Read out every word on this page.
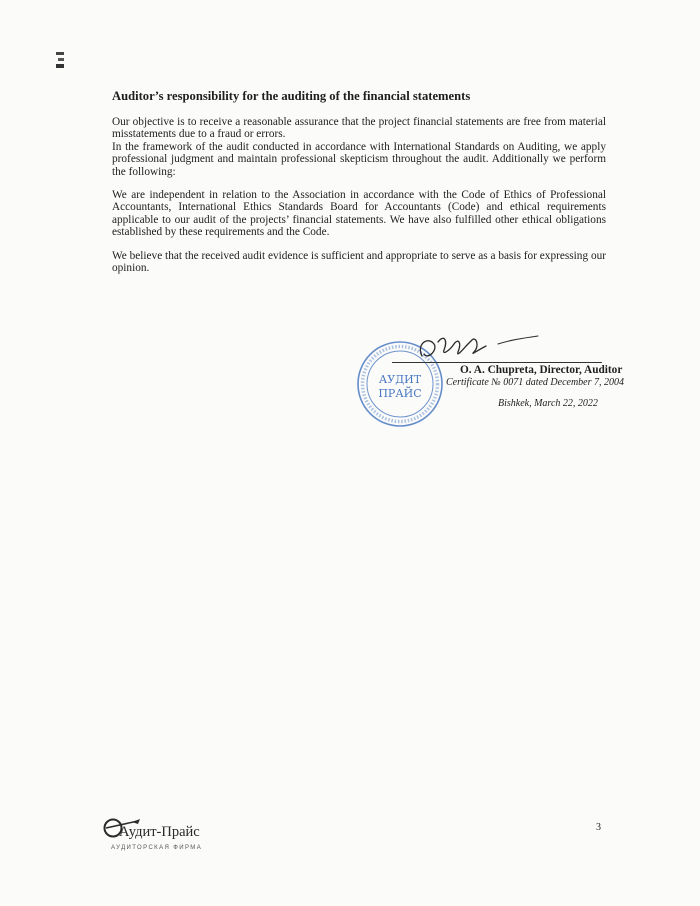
Auditor’s responsibility for the auditing of the financial statements

Our objective is to receive a reasonable assurance that the project financial statements are free from material misstatements due to a fraud or errors.

In the framework of the audit conducted in accordance with International Standards on Auditing, we apply professional judgment and maintain professional skepticism throughout the audit. Additionally we perform the following:

We are independent in relation to the Association in accordance with the Code of Ethics of Professional Accountants, International Ethics Standards Board for Accountants (Code) and ethical requirements applicable to our audit of the projects’ financial statements. We have also fulfilled other ethical obligations established by these requirements and the Code.

We believe that the received audit evidence is sufficient and appropriate to serve as a basis for expressing our opinion.

АУДИТ
ПРАЙС
O. A. Chupreta, Director, Auditor
Certificate № 0071 dated December 7, 2004
Bishkek, March 22, 2022
Аудит-Прайс
АУДИТОРСКАЯ ФИРМА
3
